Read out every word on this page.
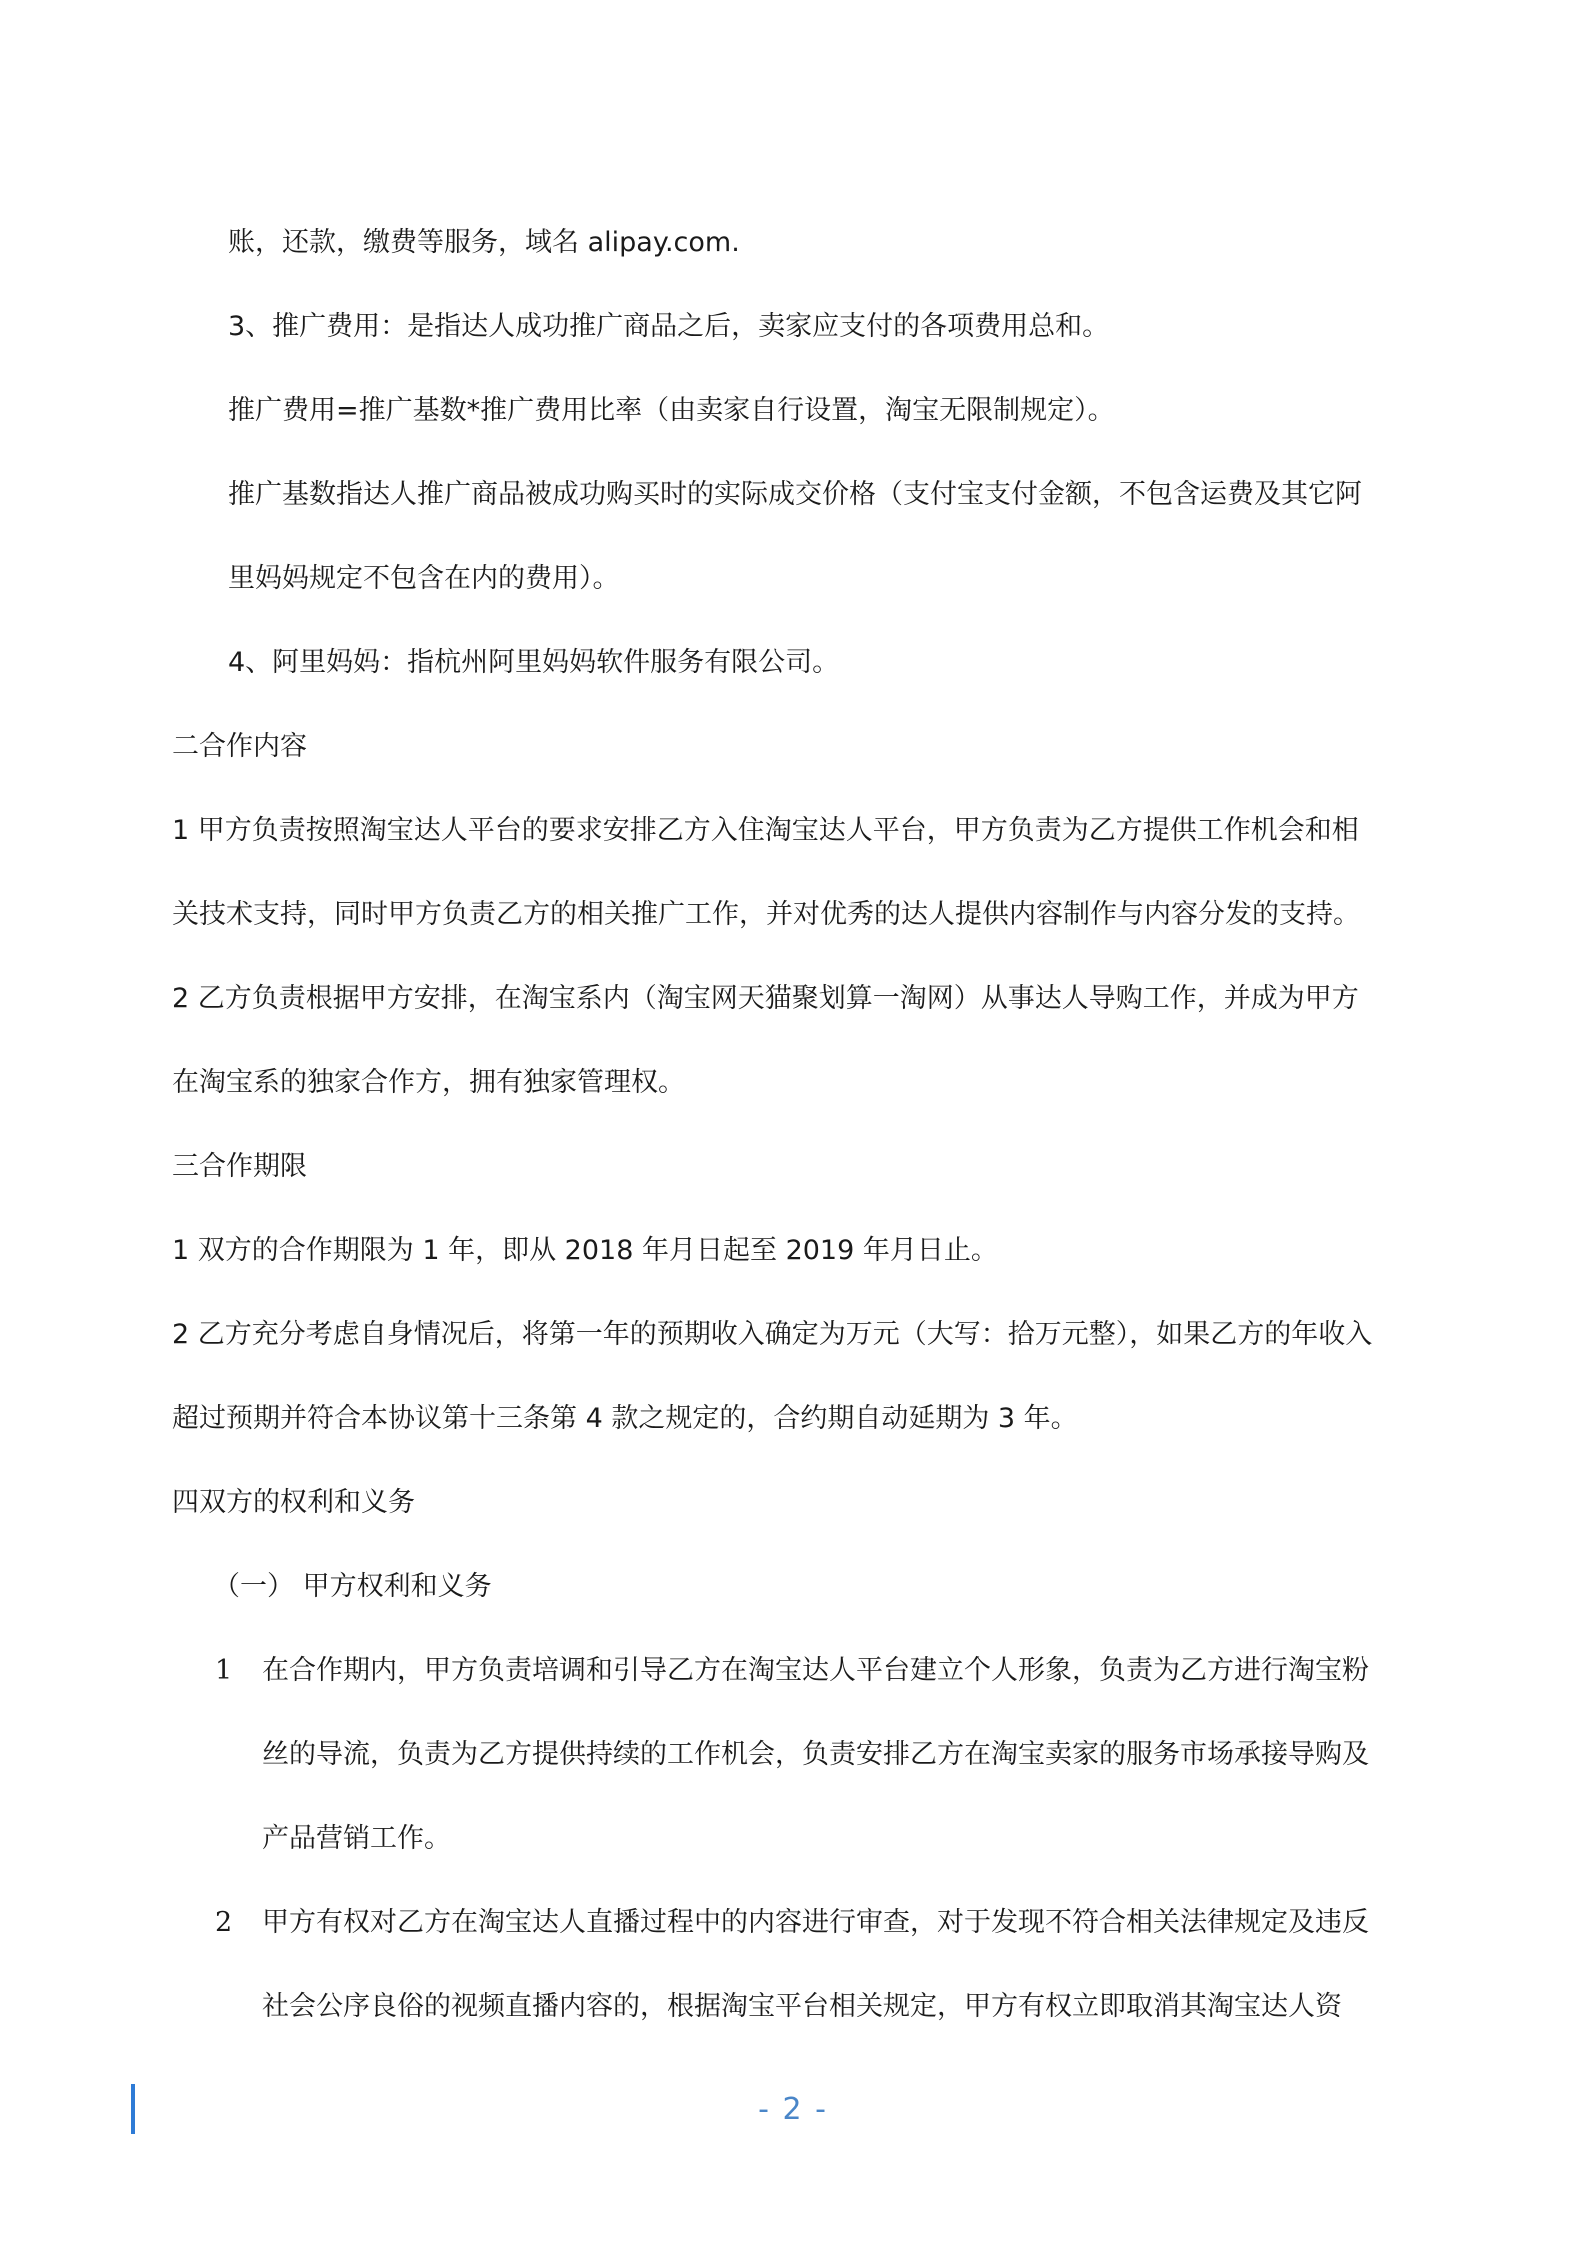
账，还款，缴费等服务，域名 alipay.com.
3、推广费用：是指达人成功推广商品之后，卖家应支付的各项费用总和。
推广费用=推广基数*推广费用比率（由卖家自行设置，淘宝无限制规定）。
推广基数指达人推广商品被成功购买时的实际成交价格（支付宝支付金额，不包含运费及其它阿
里妈妈规定不包含在内的费用）。
4、阿里妈妈：指杭州阿里妈妈软件服务有限公司。
二合作内容
1 甲方负责按照淘宝达人平台的要求安排乙方入住淘宝达人平台，甲方负责为乙方提供工作机会和相
关技术支持，同时甲方负责乙方的相关推广工作，并对优秀的达人提供内容制作与内容分发的支持。
2 乙方负责根据甲方安排，在淘宝系内（淘宝网天猫聚划算一淘网）从事达人导购工作，并成为甲方
在淘宝系的独家合作方，拥有独家管理权。
三合作期限
1 双方的合作期限为 1 年，即从 2018 年月日起至 2019 年月日止。
2 乙方充分考虑自身情况后，将第一年的预期收入确定为万元（大写：拾万元整），如果乙方的年收入
超过预期并符合本协议第十三条第 4 款之规定的，合约期自动延期为 3 年。
四双方的权利和义务
（一） 甲方权利和义务
1 在合作期内，甲方负责培调和引导乙方在淘宝达人平台建立个人形象，负责为乙方进行淘宝粉
丝的导流，负责为乙方提供持续的工作机会，负责安排乙方在淘宝卖家的服务市场承接导购及
产品营销工作。
2 甲方有权对乙方在淘宝达人直播过程中的内容进行审查，对于发现不符合相关法律规定及违反
社会公序良俗的视频直播内容的，根据淘宝平台相关规定，甲方有权立即取消其淘宝达人资
- 2 -
